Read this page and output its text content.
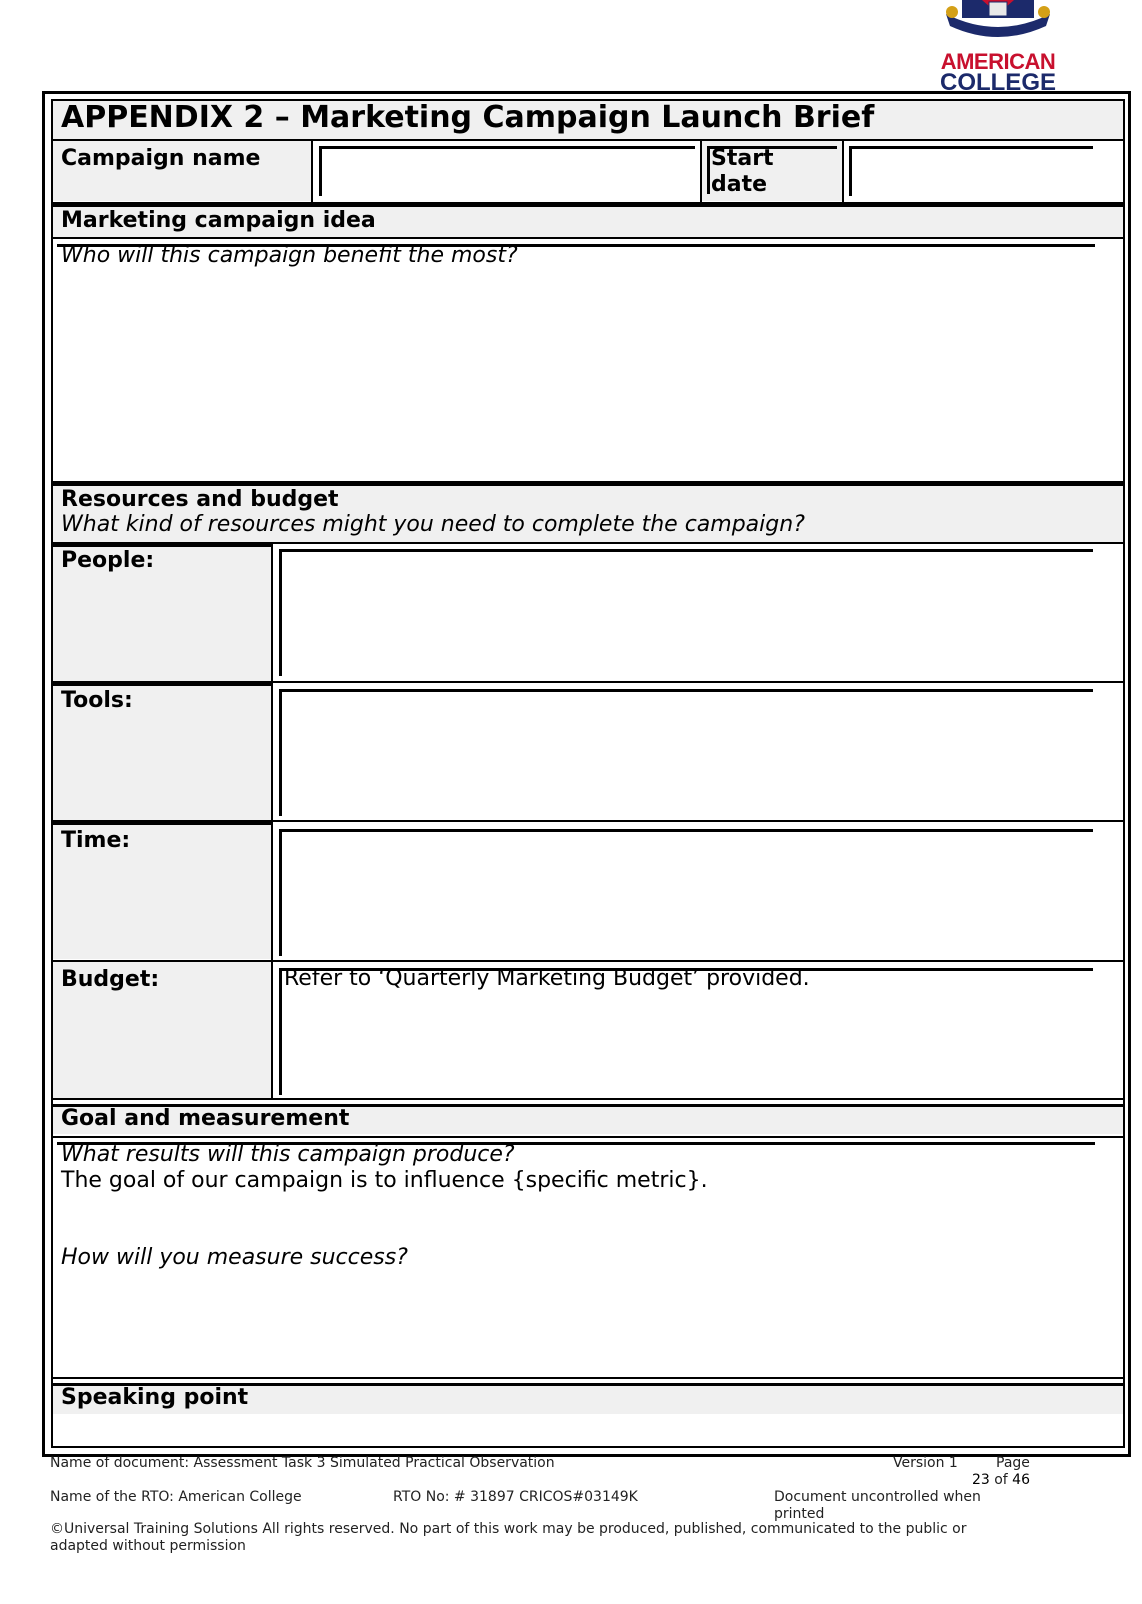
AMERICAN
COLLEGE
APPENDIX 2 – Marketing Campaign Launch Brief
Campaign name	Start date
Marketing campaign idea
Who will this campaign benefit the most?
Resources and budget
What kind of resources might you need to complete the campaign?
People:
Tools:
Time:
Budget:	Refer to ‘Quarterly Marketing Budget’ provided.
Goal and measurement
What results will this campaign produce?
The goal of our campaign is to influence {specific metric}.
How will you measure success?
Speaking point
Name of document: Assessment Task 3 Simulated Practical Observation	Version 1	Page
23 of 46
Name of the RTO: American College	RTO No: # 31897 CRICOS#03149K	Document uncontrolled when printed
©Universal Training Solutions All rights reserved. No part of this work may be produced, published, communicated to the public or adapted without permission
